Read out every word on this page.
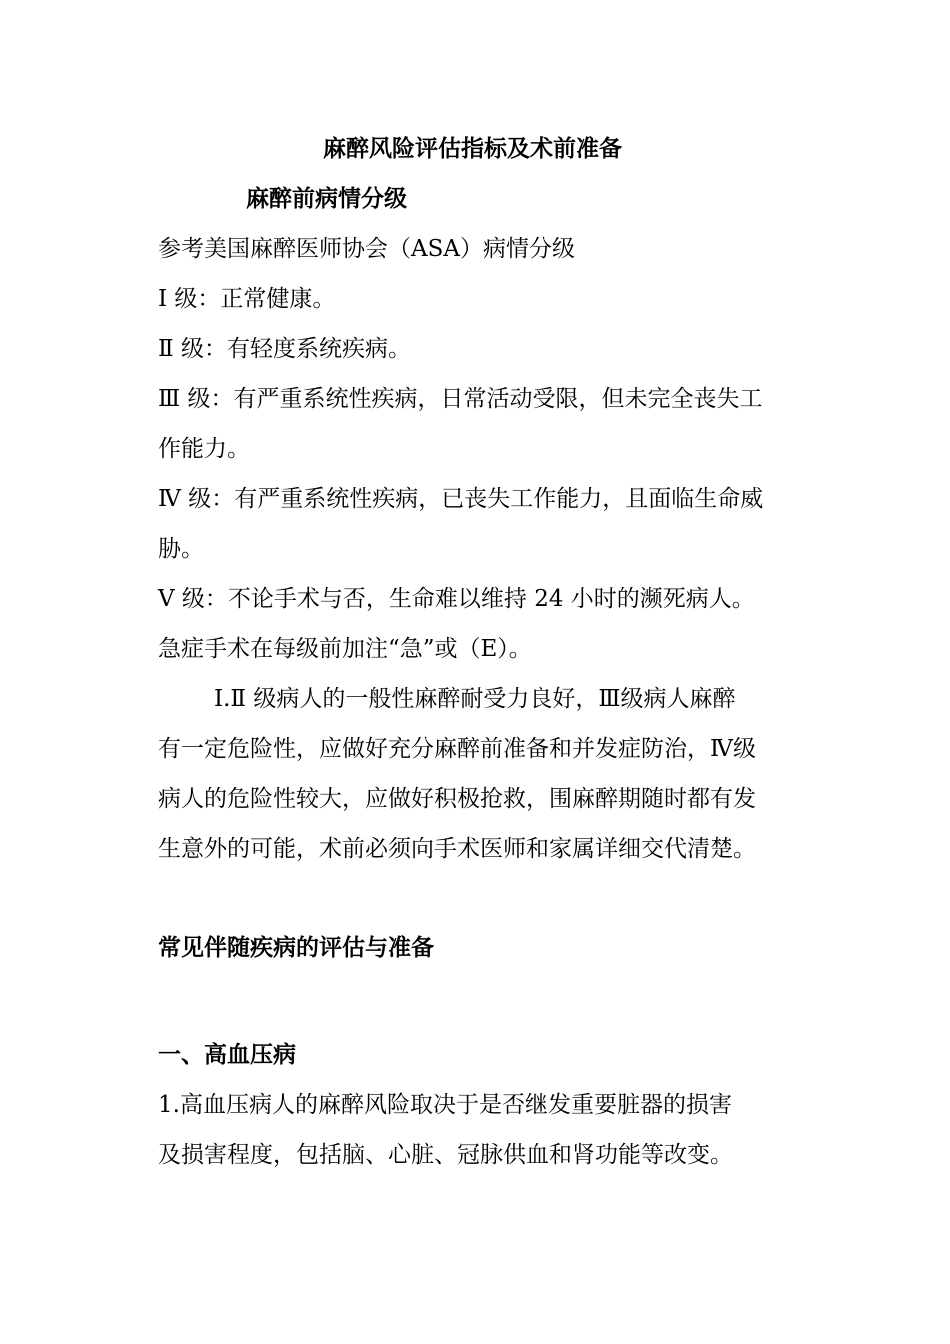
麻醉风险评估指标及术前准备
麻醉前病情分级
参考美国麻醉医师协会（ASA）病情分级
Ⅰ 级：正常健康。
Ⅱ 级：有轻度系统疾病。
Ⅲ 级：有严重系统性疾病，日常活动受限，但未完全丧失工
作能力。
Ⅳ 级：有严重系统性疾病，已丧失工作能力，且面临生命威
胁。
Ⅴ 级：不论手术与否，生命难以维持 24 小时的濒死病人。
急症手术在每级前加注“急”或（E）。
Ⅰ.Ⅱ 级病人的一般性麻醉耐受力良好，Ⅲ级病人麻醉
有一定危险性，应做好充分麻醉前准备和并发症防治，Ⅳ级
病人的危险性较大，应做好积极抢救，围麻醉期随时都有发
生意外的可能，术前必须向手术医师和家属详细交代清楚。
常见伴随疾病的评估与准备
一、高血压病
1.高血压病人的麻醉风险取决于是否继发重要脏器的损害
及损害程度，包括脑、心脏、冠脉供血和肾功能等改变。
